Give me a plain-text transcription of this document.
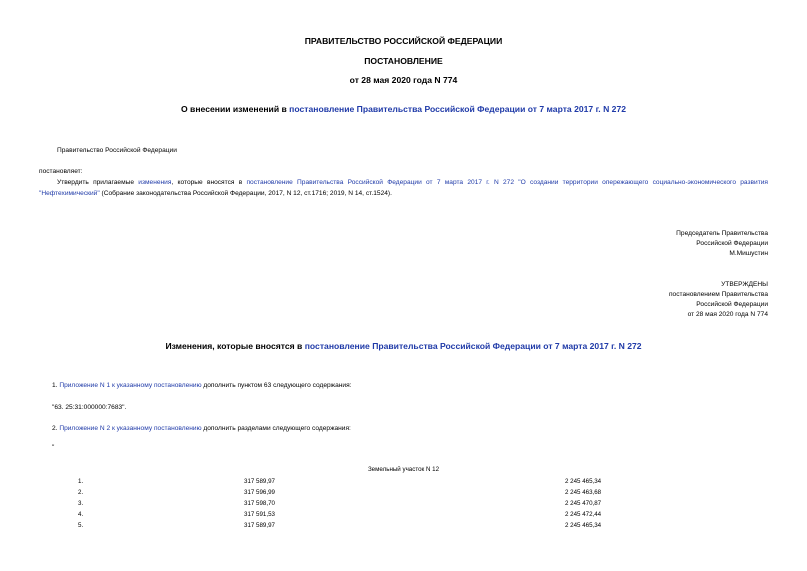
ПРАВИТЕЛЬСТВО РОССИЙСКОЙ ФЕДЕРАЦИИ
ПОСТАНОВЛЕНИЕ
от 28 мая 2020 года N 774
О внесении изменений в постановление Правительства Российской Федерации от 7 марта 2017 г. N 272
Правительство Российской Федерации
постановляет:
Утвердить прилагаемые изменения, которые вносятся в постановление Правительства Российской Федерации от 7 марта 2017 г. N 272 "О создании территории опережающего социально-экономического развития "Нефтехимический" (Собрание законодательства Российской Федерации, 2017, N 12, ст.1716; 2019, N 14, ст.1524).
Председатель Правительства
Российской Федерации
М.Мишустин
УТВЕРЖДЕНЫ
постановлением Правительства
Российской Федерации
от 28 мая 2020 года N 774
Изменения, которые вносятся в постановление Правительства Российской Федерации от 7 марта 2017 г. N 272
1. Приложение N 1 к указанному постановлению дополнить пунктом 63 следующего содержания:
"63. 25:31:000000:7683".
2. Приложение N 2 к указанному постановлению дополнить разделами следующего содержания:
"
Земельный участок N 12
1.	317 589,97	2 245 465,34
2.	317 596,99	2 245 463,68
3.	317 598,70	2 245 470,87
4.	317 591,53	2 245 472,44
5.	317 589,97	2 245 465,34
